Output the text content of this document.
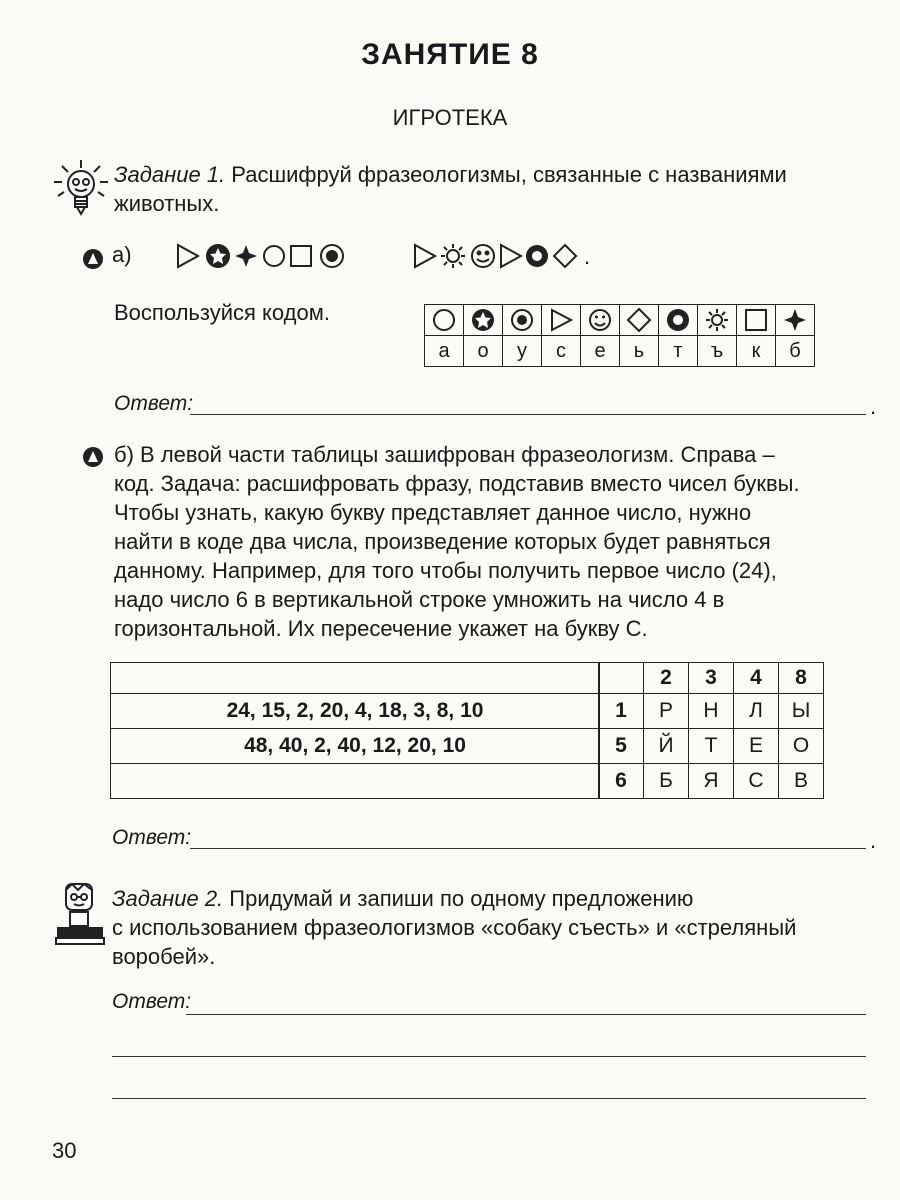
ЗАНЯТИЕ 8
ИГРОТЕКА
Задание 1. Расшифруй фразеологизмы, связанные с названиями
животных.
а)	.
Воспользуйся кодом.

а	о	у	с	е	ь	т	ъ	к	б
Ответ:	.
б) В левой части таблицы зашифрован фразеологизм. Справа –
код. Задача: расшифровать фразу, подставив вместо чисел буквы.
Чтобы узнать, какую букву представляет данное число, нужно
найти в коде два числа, произведение которых будет равняться
данному. Например, для того чтобы получить первое число (24),
надо число 6 в вертикальной строке умножить на число 4 в
горизонтальной. Их пересечение укажет на букву С.

24, 15, 2, 20, 4, 18, 3, 8, 10
48, 40, 2, 40, 12, 20, 10

	2	3	4	8
1	Р	Н	Л	Ы
5	Й	Т	Е	О
6	Б	Я	С	В
Ответ:	.
Задание 2. Придумай и запиши по одному предложению
с использованием фразеологизмов «собаку съесть» и «стреляный
воробей».
Ответ:
30
